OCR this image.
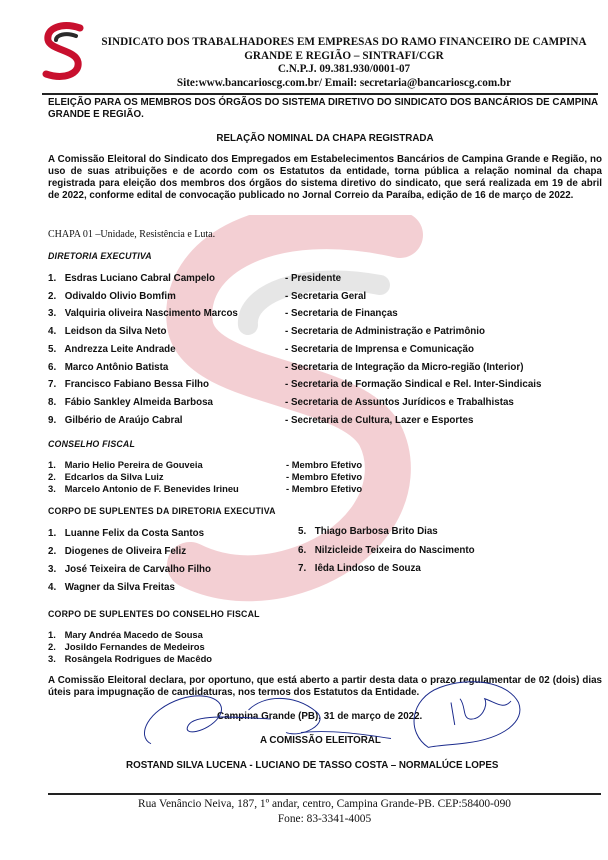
SINDICATO DOS TRABALHADORES EM EMPRESAS DO RAMO FINANCEIRO DE CAMPINA
GRANDE E REGIÃO – SINTRAFI/CGR
C.N.P.J. 09.381.930/0001-07
Site:www.bancarioscg.com.br/ Email: secretaria@bancarioscg.com.br
ELEIÇÃO PARA OS MEMBROS DOS ÓRGÃOS DO SISTEMA DIRETIVO DO SINDICATO DOS BANCÁRIOS DE CAMPINA GRANDE E REGIÃO.
RELAÇÃO NOMINAL DA CHAPA REGISTRADA
A Comissão Eleitoral do Sindicato dos Empregados em Estabelecimentos Bancários de Campina Grande e Região, no uso de suas atribuições e de acordo com os Estatutos da entidade, torna pública a relação nominal da chapa registrada para eleição dos membros dos órgãos do sistema diretivo do sindicato, que será realizada em 19 de abril de 2022, conforme edital de convocação publicado no Jornal Correio da Paraíba, edição de 16 de março de 2022.
CHAPA 01 –Unidade, Resistência e Luta.
DIRETORIA EXECUTIVA
1. Esdras Luciano Cabral Campelo	- Presidente
2. Odivaldo Olivio Bomfim	- Secretaria Geral
3. Valquiria oliveira Nascimento Marcos	- Secretaria de Finanças
4. Leidson da Silva Neto	- Secretaria de Administração e Patrimônio
5. Andrezza Leite Andrade	- Secretaria de Imprensa e Comunicação
6. Marco Antônio Batista	- Secretaria de Integração da Micro-região (Interior)
7. Francisco Fabiano Bessa Filho	- Secretaria de Formação Sindical e Rel. Inter-Sindicais
8. Fábio Sankley Almeida Barbosa	- Secretaria de Assuntos Jurídicos e Trabalhistas
9. Gilbério de Araújo Cabral	- Secretaria de Cultura, Lazer e Esportes
CONSELHO FISCAL
1. Mario Helio Pereira de Gouveia	- Membro Efetivo
2. Edcarlos da Silva Luiz	- Membro Efetivo
3. Marcelo Antonio de F. Benevides Irineu	- Membro Efetivo
CORPO DE SUPLENTES DA DIRETORIA EXECUTIVA
1. Luanne Felix da Costa Santos
2. Diogenes de Oliveira Feliz
3. José Teixeira de Carvalho Filho
4. Wagner da Silva Freitas
5. Thiago Barbosa Brito Dias
6. Nilzicleide Teixeira do Nascimento
7. Iêda Lindoso de Souza
CORPO DE SUPLENTES DO CONSELHO FISCAL
1. Mary Andréa Macedo de Sousa
2. Josildo Fernandes de Medeiros
3. Rosângela Rodrigues de Macêdo
A Comissão Eleitoral declara, por oportuno, que está aberto a partir desta data o prazo regulamentar de 02 (dois) dias úteis para impugnação de candidaturas, nos termos dos Estatutos da Entidade.
Campina Grande (PB), 31 de março de 2022.
A COMISSÃO ELEITORAL
ROSTAND SILVA LUCENA - LUCIANO DE TASSO COSTA – NORMALÚCE LOPES
Rua Venâncio Neiva, 187, 1º andar, centro, Campina Grande-PB. CEP:58400-090
Fone: 83-3341-4005
